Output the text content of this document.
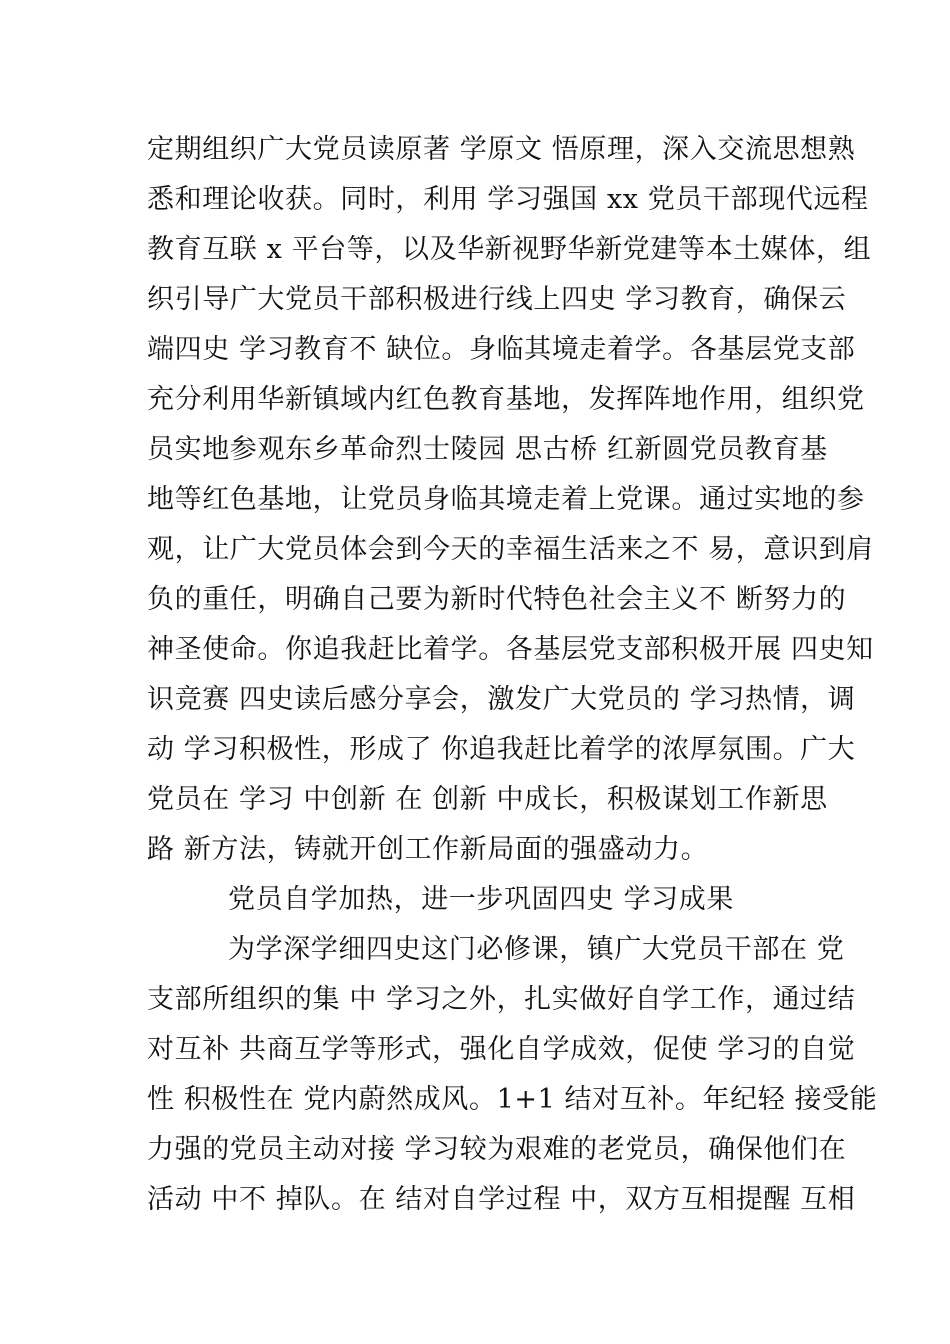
定期组织广大党员读原著 学原文 悟原理，深入交流思想熟
悉和理论收获。同时，利用 学习强国 xx 党员干部现代远程
教育互联 x 平台等，以及华新视野华新党建等本土媒体，组
织引导广大党员干部积极进行线上四史 学习教育，确保云
端四史 学习教育不 缺位。身临其境走着学。各基层党支部
充分利用华新镇域内红色教育基地，发挥阵地作用，组织党
员实地参观东乡革命烈士陵园 思古桥 红新圆党员教育基
地等红色基地，让党员身临其境走着上党课。通过实地的参
观，让广大党员体会到今天的幸福生活来之不 易，意识到肩
负的重任，明确自己要为新时代特色社会主义不 断努力的
神圣使命。你追我赶比着学。各基层党支部积极开展 四史知
识竞赛 四史读后感分享会，激发广大党员的 学习热情，调
动 学习积极性，形成了 你追我赶比着学的浓厚氛围。广大
党员在 学习 中创新 在 创新 中成长，积极谋划工作新思
路 新方法，铸就开创工作新局面的强盛动力。
党员自学加热，进一步巩固四史 学习成果
为学深学细四史这门必修课，镇广大党员干部在 党
支部所组织的集 中 学习之外，扎实做好自学工作，通过结
对互补 共商互学等形式，强化自学成效，促使 学习的自觉
性 积极性在 党内蔚然成风。1+1 结对互补。年纪轻 接受能
力强的党员主动对接 学习较为艰难的老党员，确保他们在
活动 中不 掉队。在 结对自学过程 中，双方互相提醒 互相
